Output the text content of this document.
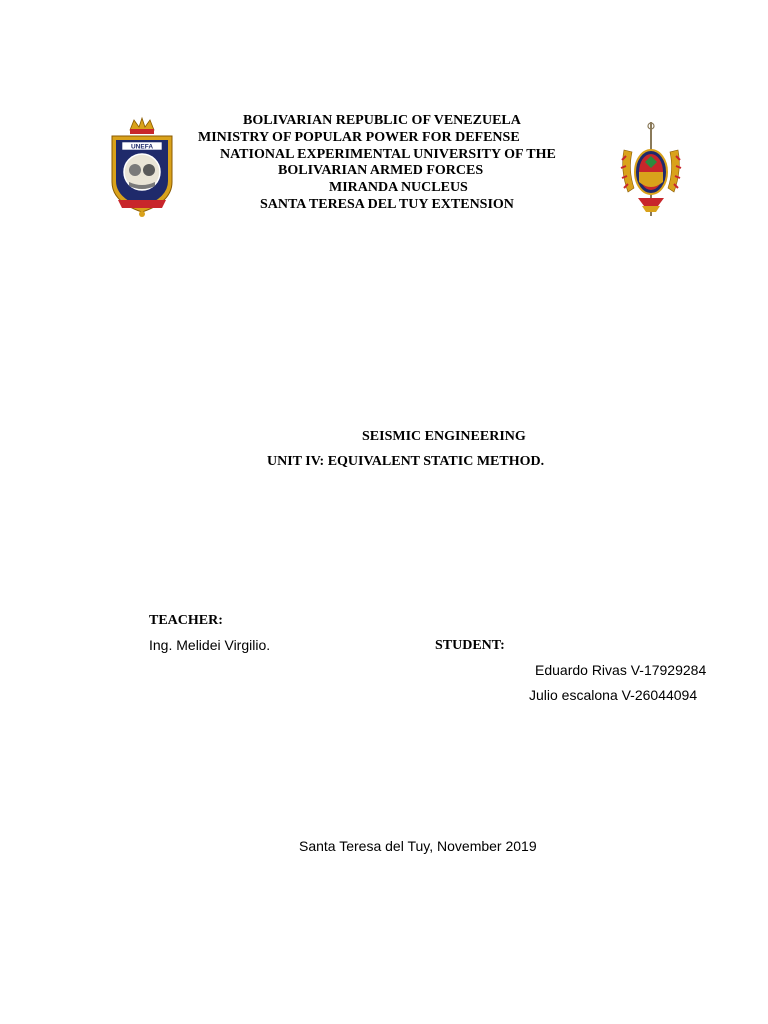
UNEFA
BOLIVARIAN REPUBLIC OF VENEZUELA
MINISTRY OF POPULAR POWER FOR DEFENSE
NATIONAL EXPERIMENTAL UNIVERSITY OF THE
BOLIVARIAN ARMED FORCES
MIRANDA NUCLEUS
SANTA TERESA DEL TUY EXTENSION
SEISMIC ENGINEERING
UNIT IV: EQUIVALENT STATIC METHOD.
TEACHER:
Ing. Melidei Virgilio.	STUDENT:
Eduardo Rivas V-17929284
Julio escalona V-26044094
Santa Teresa del Tuy, November 2019
